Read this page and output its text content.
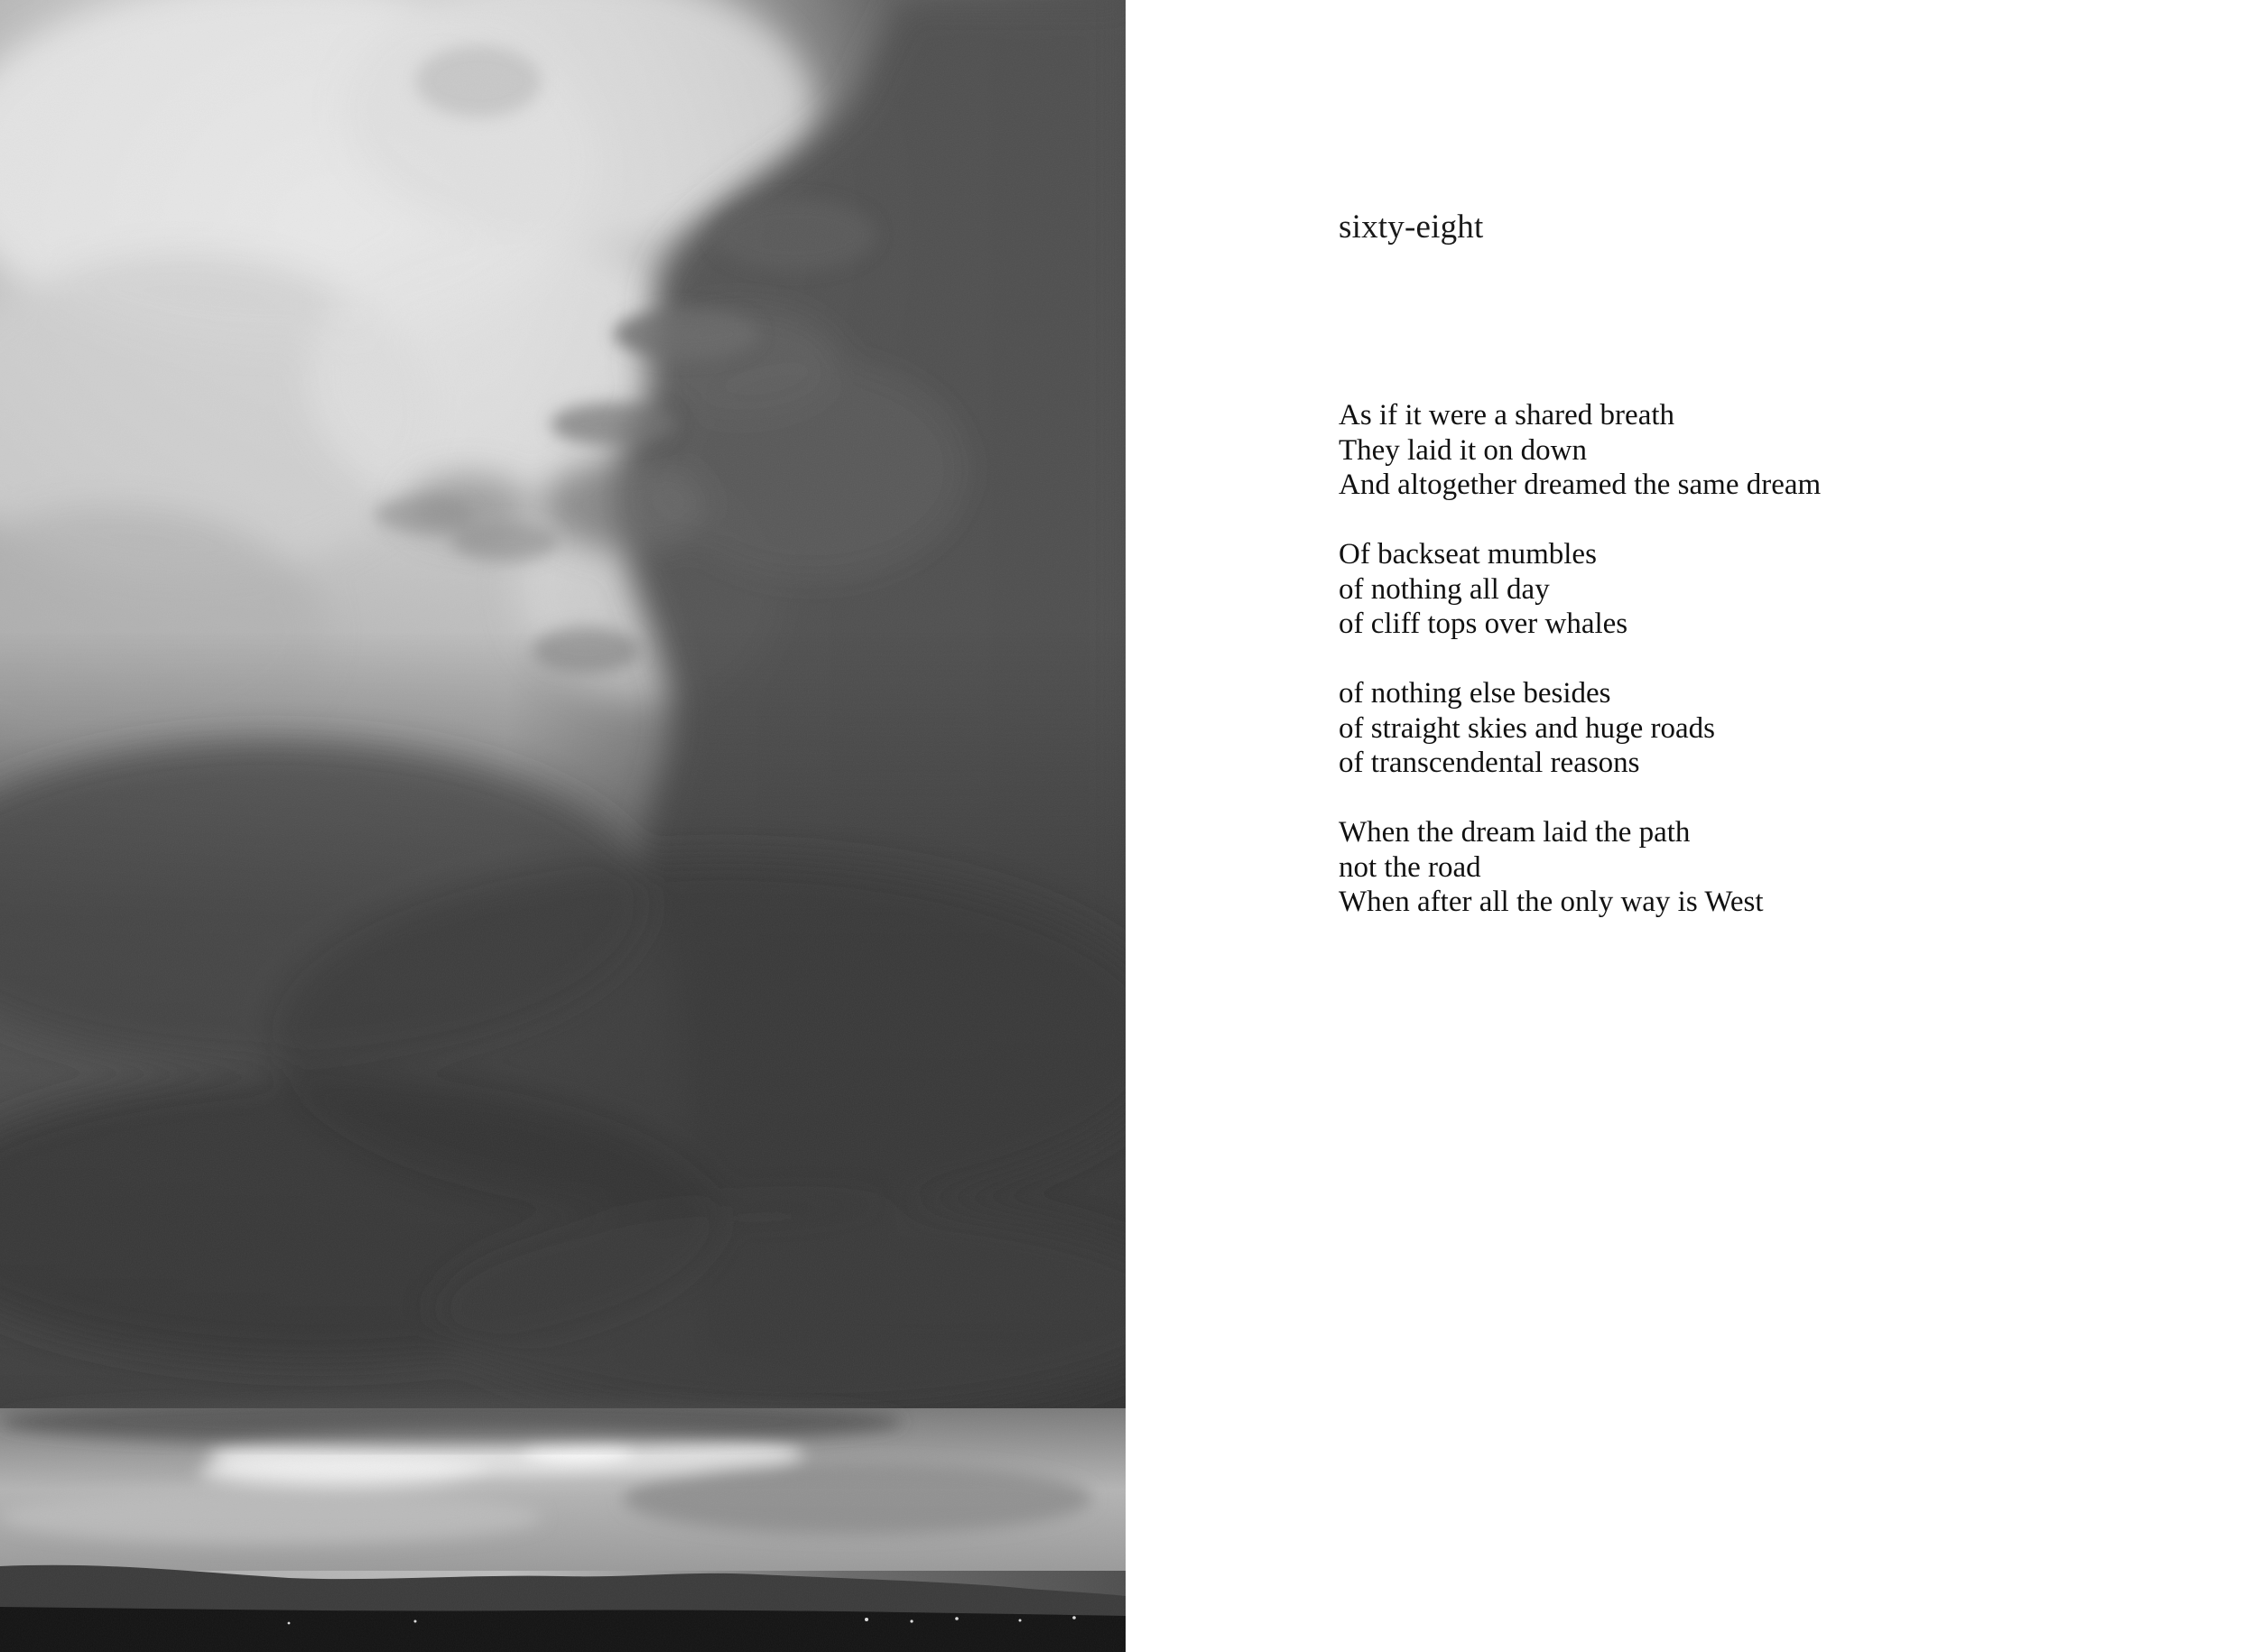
sixty-eight

As if it were a shared breath
They laid it on down
And altogether dreamed the same dream

Of backseat mumbles
of nothing all day
of cliff tops over whales

of nothing else besides
of straight skies and huge roads
of transcendental reasons

When the dream laid the path
not the road
When after all the only way is West
